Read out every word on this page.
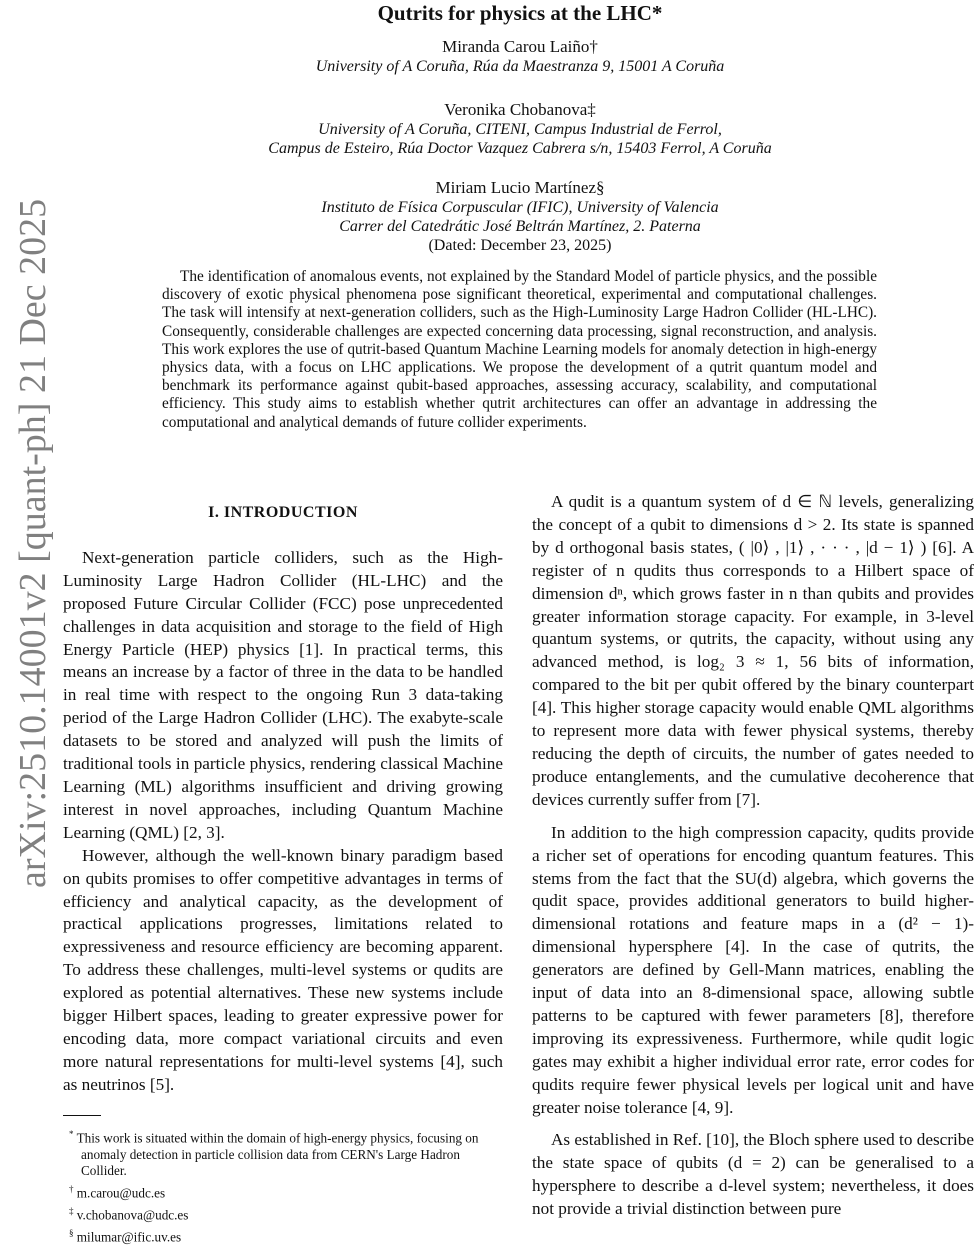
arXiv:2510.14001v2 [quant-ph] 21 Dec 2025
Qutrits for physics at the LHC*
Miranda Carou Laiño†
University of A Coruña, Rúa da Maestranza 9, 15001 A Coruña
Veronika Chobanova‡
University of A Coruña, CITENI, Campus Industrial de Ferrol,
Campus de Esteiro, Rúa Doctor Vazquez Cabrera s/n, 15403 Ferrol, A Coruña
Miriam Lucio Martínez§
Instituto de Física Corpuscular (IFIC), University of Valencia
Carrer del Catedrátic José Beltrán Martínez, 2. Paterna
(Dated: December 23, 2025)
The identification of anomalous events, not explained by the Standard Model of particle physics, and the possible discovery of exotic physical phenomena pose significant theoretical, experimental and computational challenges. The task will intensify at next-generation colliders, such as the High-Luminosity Large Hadron Collider (HL-LHC). Consequently, considerable challenges are expected concerning data processing, signal reconstruction, and analysis. This work explores the use of qutrit-based Quantum Machine Learning models for anomaly detection in high-energy physics data, with a focus on LHC applications. We propose the development of a qutrit quantum model and benchmark its performance against qubit-based approaches, assessing accuracy, scalability, and computational efficiency. This study aims to establish whether qutrit architectures can offer an advantage in addressing the computational and analytical demands of future collider experiments.
I. INTRODUCTION

Next-generation particle colliders, such as the High-Luminosity Large Hadron Collider (HL-LHC) and the proposed Future Circular Collider (FCC) pose unprecedented challenges in data acquisition and storage to the field of High Energy Particle (HEP) physics [1]. In practical terms, this means an increase by a factor of three in the data to be handled in real time with respect to the ongoing Run 3 data-taking period of the Large Hadron Collider (LHC). The exabyte-scale datasets to be stored and analyzed will push the limits of traditional tools in particle physics, rendering classical Machine Learning (ML) algorithms insufficient and driving growing interest in novel approaches, including Quantum Machine Learning (QML) [2, 3].

However, although the well-known binary paradigm based on qubits promises to offer competitive advantages in terms of efficiency and analytical capacity, as the development of practical applications progresses, limitations related to expressiveness and resource efficiency are becoming apparent. To address these challenges, multi-level systems or qudits are explored as potential alternatives. These new systems include bigger Hilbert spaces, leading to greater expressive power for encoding data, more compact variational circuits and even more natural representations for multi-level systems [4], such as neutrinos [5].

* This work is situated within the domain of high-energy physics, focusing on anomaly detection in particle collision data from CERN's Large Hadron Collider.
† m.carou@udc.es
‡ v.chobanova@udc.es
§ milumar@ific.uv.es

A qudit is a quantum system of d ∈ ℕ levels, generalizing the concept of a qubit to dimensions d > 2. Its state is spanned by d orthogonal basis states, ( |0⟩ , |1⟩ , · · · , |d − 1⟩ ) [6]. A register of n qudits thus corresponds to a Hilbert space of dimension dⁿ, which grows faster in n than qubits and provides greater information storage capacity. For example, in 3-level quantum systems, or qutrits, the capacity, without using any advanced method, is log₂ 3 ≈ 1, 56 bits of information, compared to the bit per qubit offered by the binary counterpart [4]. This higher storage capacity would enable QML algorithms to represent more data with fewer physical systems, thereby reducing the depth of circuits, the number of gates needed to produce entanglements, and the cumulative decoherence that devices currently suffer from [7].

In addition to the high compression capacity, qudits provide a richer set of operations for encoding quantum features. This stems from the fact that the SU(d) algebra, which governs the qudit space, provides additional generators to build higher-dimensional rotations and feature maps in a (d² − 1)-dimensional hypersphere [4]. In the case of qutrits, the generators are defined by Gell-Mann matrices, enabling the input of data into an 8-dimensional space, allowing subtle patterns to be captured with fewer parameters [8], therefore improving its expressiveness. Furthermore, while qudit logic gates may exhibit a higher individual error rate, error codes for qudits require fewer physical levels per logical unit and have greater noise tolerance [4, 9].

As established in Ref. [10], the Bloch sphere used to describe the state space of qubits (d = 2) can be generalised to a hypersphere to describe a d-level system; nevertheless, it does not provide a trivial distinction between pure
